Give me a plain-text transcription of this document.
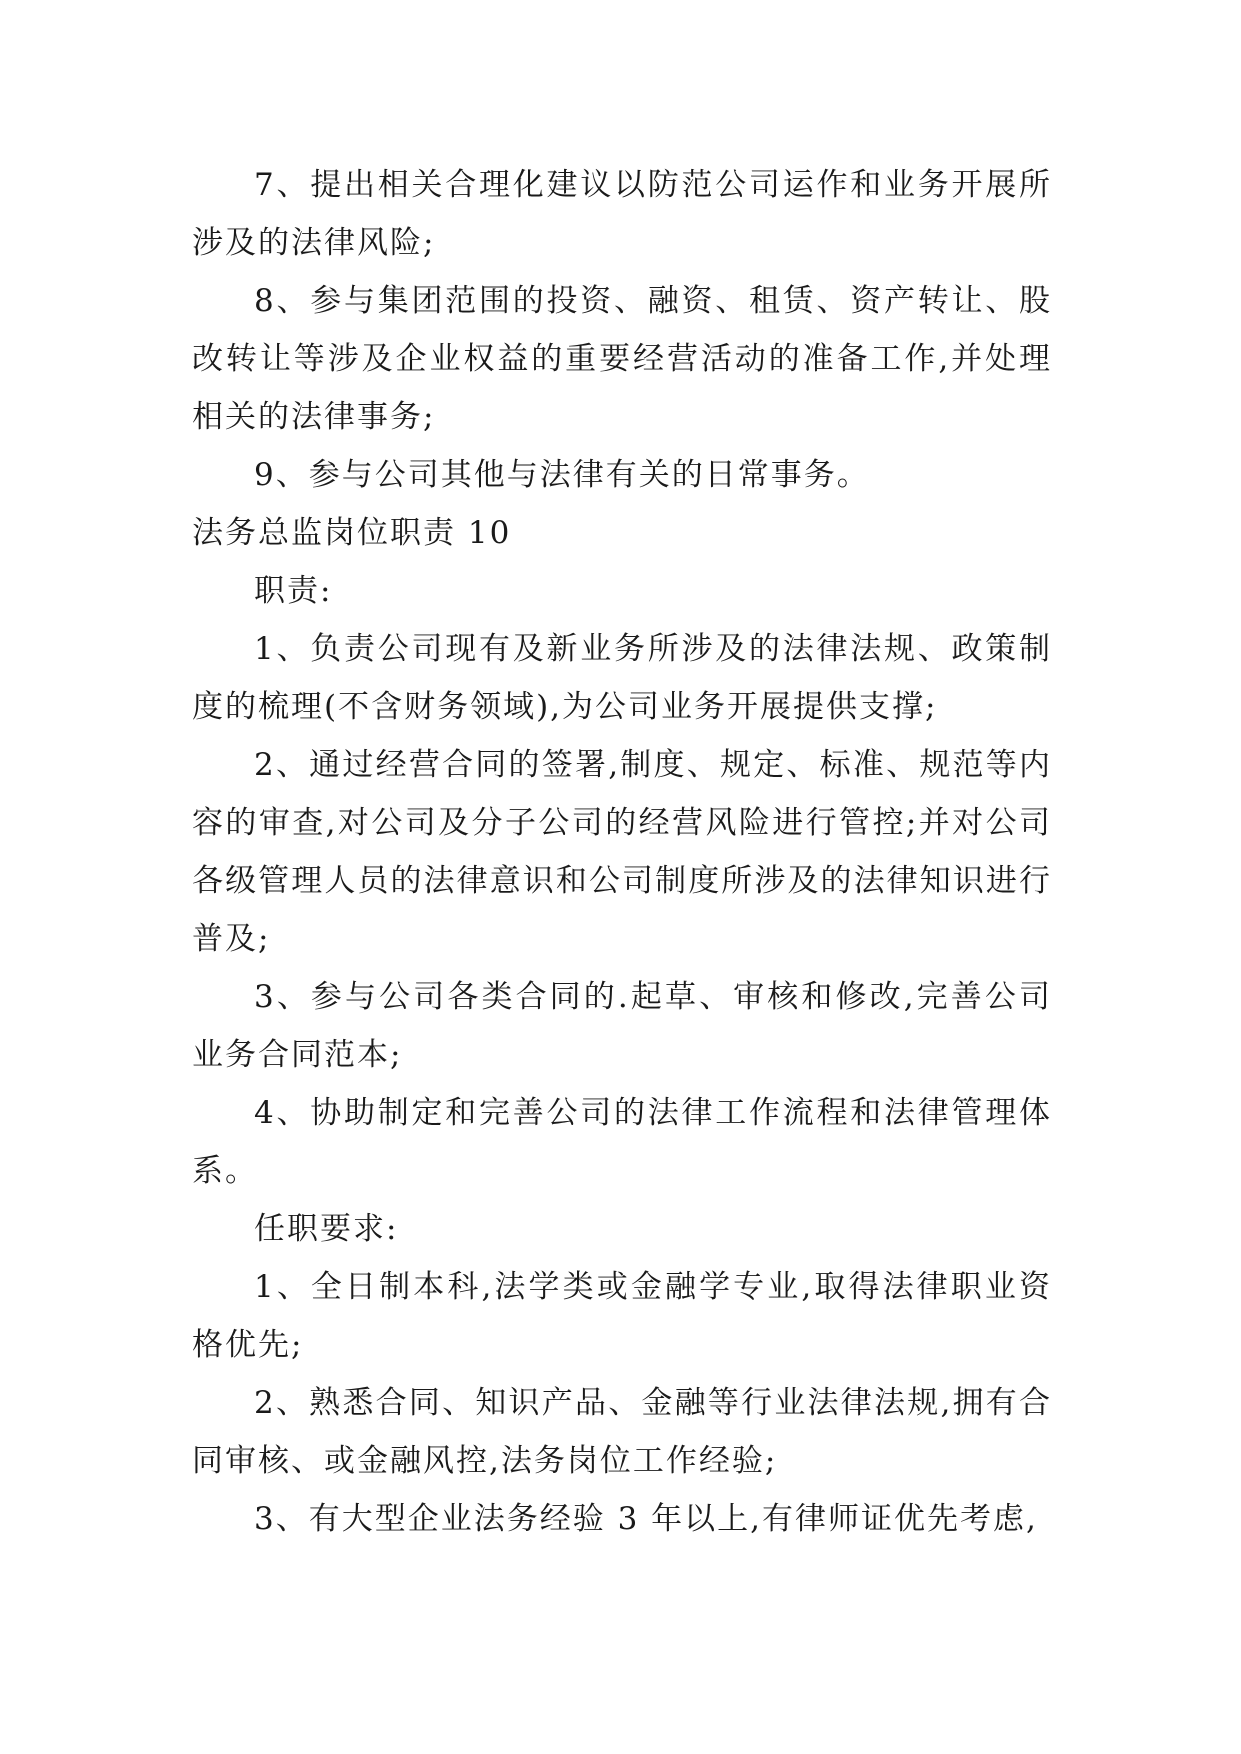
7、提出相关合理化建议以防范公司运作和业务开展所涉及的法律风险;

8、参与集团范围的投资、融资、租赁、资产转让、股改转让等涉及企业权益的重要经营活动的准备工作,并处理相关的法律事务;

9、参与公司其他与法律有关的日常事务。

法务总监岗位职责 10

职责:

1、负责公司现有及新业务所涉及的法律法规、政策制度的梳理(不含财务领域),为公司业务开展提供支撑;

2、通过经营合同的签署,制度、规定、标准、规范等内容的审查,对公司及分子公司的经营风险进行管控;并对公司各级管理人员的法律意识和公司制度所涉及的法律知识进行普及;

3、参与公司各类合同的.起草、审核和修改,完善公司业务合同范本;

4、协助制定和完善公司的法律工作流程和法律管理体系。

任职要求:

1、全日制本科,法学类或金融学专业,取得法律职业资格优先;

2、熟悉合同、知识产品、金融等行业法律法规,拥有合同审核、或金融风控,法务岗位工作经验;

3、有大型企业法务经验 3 年以上,有律师证优先考虑,
